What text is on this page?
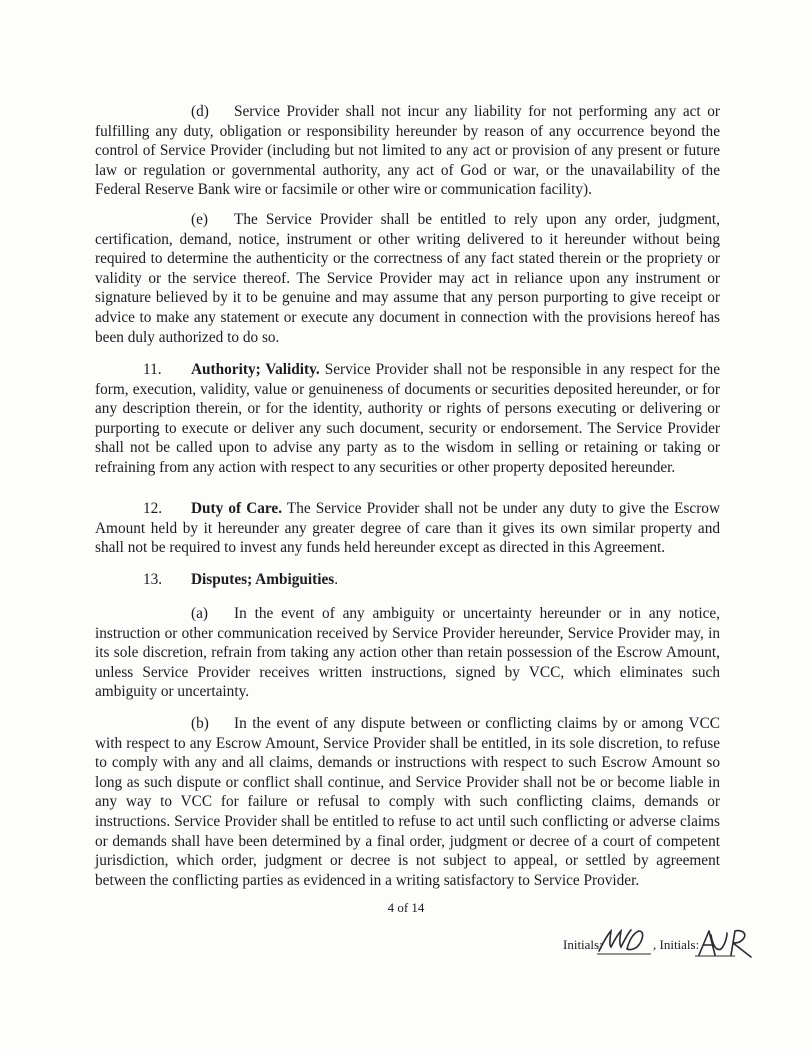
(d) Service Provider shall not incur any liability for not performing any act or fulfilling any duty, obligation or responsibility hereunder by reason of any occurrence beyond the control of Service Provider (including but not limited to any act or provision of any present or future law or regulation or governmental authority, any act of God or war, or the unavailability of the Federal Reserve Bank wire or facsimile or other wire or communication facility).

(e) The Service Provider shall be entitled to rely upon any order, judgment, certification, demand, notice, instrument or other writing delivered to it hereunder without being required to determine the authenticity or the correctness of any fact stated therein or the propriety or validity or the service thereof. The Service Provider may act in reliance upon any instrument or signature believed by it to be genuine and may assume that any person purporting to give receipt or advice to make any statement or execute any document in connection with the provisions hereof has been duly authorized to do so.

11. Authority; Validity. Service Provider shall not be responsible in any respect for the form, execution, validity, value or genuineness of documents or securities deposited hereunder, or for any description therein, or for the identity, authority or rights of persons executing or delivering or purporting to execute or deliver any such document, security or endorsement. The Service Provider shall not be called upon to advise any party as to the wisdom in selling or retaining or taking or refraining from any action with respect to any securities or other property deposited hereunder.

12. Duty of Care. The Service Provider shall not be under any duty to give the Escrow Amount held by it hereunder any greater degree of care than it gives its own similar property and shall not be required to invest any funds held hereunder except as directed in this Agreement.

13. Disputes; Ambiguities.

(a) In the event of any ambiguity or uncertainty hereunder or in any notice, instruction or other communication received by Service Provider hereunder, Service Provider may, in its sole discretion, refrain from taking any action other than retain possession of the Escrow Amount, unless Service Provider receives written instructions, signed by VCC, which eliminates such ambiguity or uncertainty.

(b) In the event of any dispute between or conflicting claims by or among VCC with respect to any Escrow Amount, Service Provider shall be entitled, in its sole discretion, to refuse to comply with any and all claims, demands or instructions with respect to such Escrow Amount so long as such dispute or conflict shall continue, and Service Provider shall not be or become liable in any way to VCC for failure or refusal to comply with such conflicting claims, demands or instructions. Service Provider shall be entitled to refuse to act until such conflicting or adverse claims or demands shall have been determined by a final order, judgment or decree of a court of competent jurisdiction, which order, judgment or decree is not subject to appeal, or settled by agreement between the conflicting parties as evidenced in a writing satisfactory to Service Provider.

4 of 14
Initials:	, Initials:
